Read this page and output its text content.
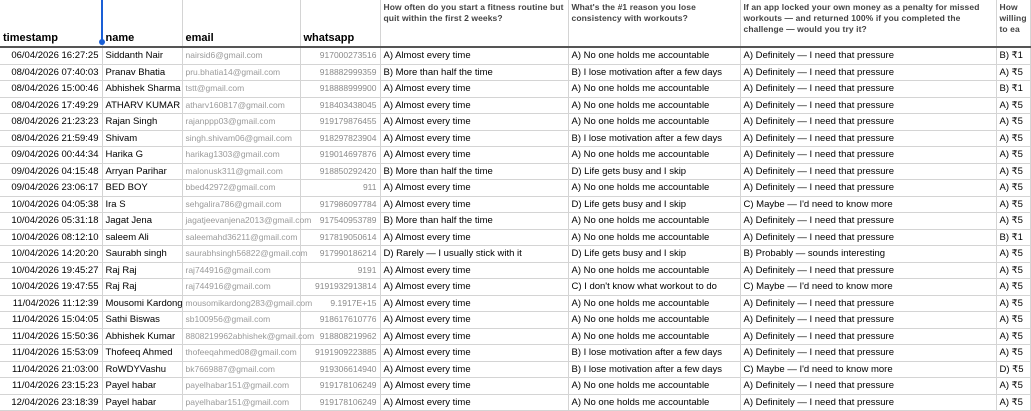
timestamp	name	email	whatsapp	How often do you start a fitness routine but quit within the first 2 weeks?	What's the #1 reason you lose consistency with workouts?	If an app locked your own money as a penalty for missed workouts — and returned 100% if you completed the challenge — would you try it?	How willing to ea
06/04/2026 16:27:25	Siddanth Nair	nairsid6@gmail.com	917000273516	A) Almost every time	A) No one holds me accountable	A) Definitely — I need that pressure	B) ₹1
08/04/2026 07:40:03	Pranav Bhatia	pru.bhatia14@gmail.com	918882999359	B) More than half the time	B) I lose motivation after a few days	A) Definitely — I need that pressure	A) ₹5
08/04/2026 15:00:46	Abhishek Sharma	tstt@gmail.com	918888999900	A) Almost every time	A) No one holds me accountable	A) Definitely — I need that pressure	B) ₹1
08/04/2026 17:49:29	ATHARV KUMAR	atharv160817@gmail.com	918403438045	A) Almost every time	A) No one holds me accountable	A) Definitely — I need that pressure	A) ₹5
08/04/2026 21:23:23	Rajan Singh	rajanppp03@gmail.com	919179876455	A) Almost every time	A) No one holds me accountable	A) Definitely — I need that pressure	A) ₹5
08/04/2026 21:59:49	Shivam	singh.shivam06@gmail.com	918297823904	A) Almost every time	B) I lose motivation after a few days	A) Definitely — I need that pressure	A) ₹5
09/04/2026 00:44:34	Harika G	harikag1303@gmail.com	919014697876	A) Almost every time	A) No one holds me accountable	A) Definitely — I need that pressure	A) ₹5
09/04/2026 04:15:48	Arryan Parihar	malonusk311@gmail.com	918850292420	B) More than half the time	D) Life gets busy and I skip	A) Definitely — I need that pressure	A) ₹5
09/04/2026 23:06:17	BED BOY	bbed42972@gmail.com	911	A) Almost every time	A) No one holds me accountable	A) Definitely — I need that pressure	A) ₹5
10/04/2026 04:05:38	Ira S	sehgalira786@gmail.com	917986097784	A) Almost every time	D) Life gets busy and I skip	C) Maybe — I'd need to know more	A) ₹5
10/04/2026 05:31:18	Jagat Jena	jagatjeevanjena2013@gmail.com	917540953789	B) More than half the time	A) No one holds me accountable	A) Definitely — I need that pressure	A) ₹5
10/04/2026 08:12:10	saleem Ali	saleemahd36211@gmail.com	917819050614	A) Almost every time	A) No one holds me accountable	A) Definitely — I need that pressure	B) ₹1
10/04/2026 14:20:20	Saurabh singh	saurabhsingh56822@gmail.com	917990186214	D) Rarely — I usually stick with it	D) Life gets busy and I skip	B) Probably — sounds interesting	A) ₹5
10/04/2026 19:45:27	Raj Raj	raj744916@gmail.com	9191	A) Almost every time	A) No one holds me accountable	A) Definitely — I need that pressure	A) ₹5
10/04/2026 19:47:55	Raj Raj	raj744916@gmail.com	9191932913814	A) Almost every time	C) I don't know what workout to do	C) Maybe — I'd need to know more	A) ₹5
11/04/2026 11:12:39	Mousomi Kardong	mousomikardong283@gmail.com	9.1917E+15	A) Almost every time	A) No one holds me accountable	A) Definitely — I need that pressure	A) ₹5
11/04/2026 15:04:05	Sathi Biswas	sb100956@gmail.com	918617610776	A) Almost every time	A) No one holds me accountable	A) Definitely — I need that pressure	A) ₹5
11/04/2026 15:50:36	Abhishek Kumar	8808219962abhishek@gmail.com	918808219962	A) Almost every time	A) No one holds me accountable	A) Definitely — I need that pressure	A) ₹5
11/04/2026 15:53:09	Thofeeq Ahmed	thofeeqahmed08@gmail.com	9191909223885	A) Almost every time	B) I lose motivation after a few days	A) Definitely — I need that pressure	A) ₹5
11/04/2026 21:03:00	RoWDYVashu	bk7669887@gmail.com	919306614940	A) Almost every time	B) I lose motivation after a few days	C) Maybe — I'd need to know more	D) ₹5
11/04/2026 23:15:23	Payel habar	payelhabar151@gmail.com	919178106249	A) Almost every time	A) No one holds me accountable	A) Definitely — I need that pressure	A) ₹5
12/04/2026 23:18:39	Payel habar	payelhabar151@gmail.com	919178106249	A) Almost every time	A) No one holds me accountable	A) Definitely — I need that pressure	A) ₹5
